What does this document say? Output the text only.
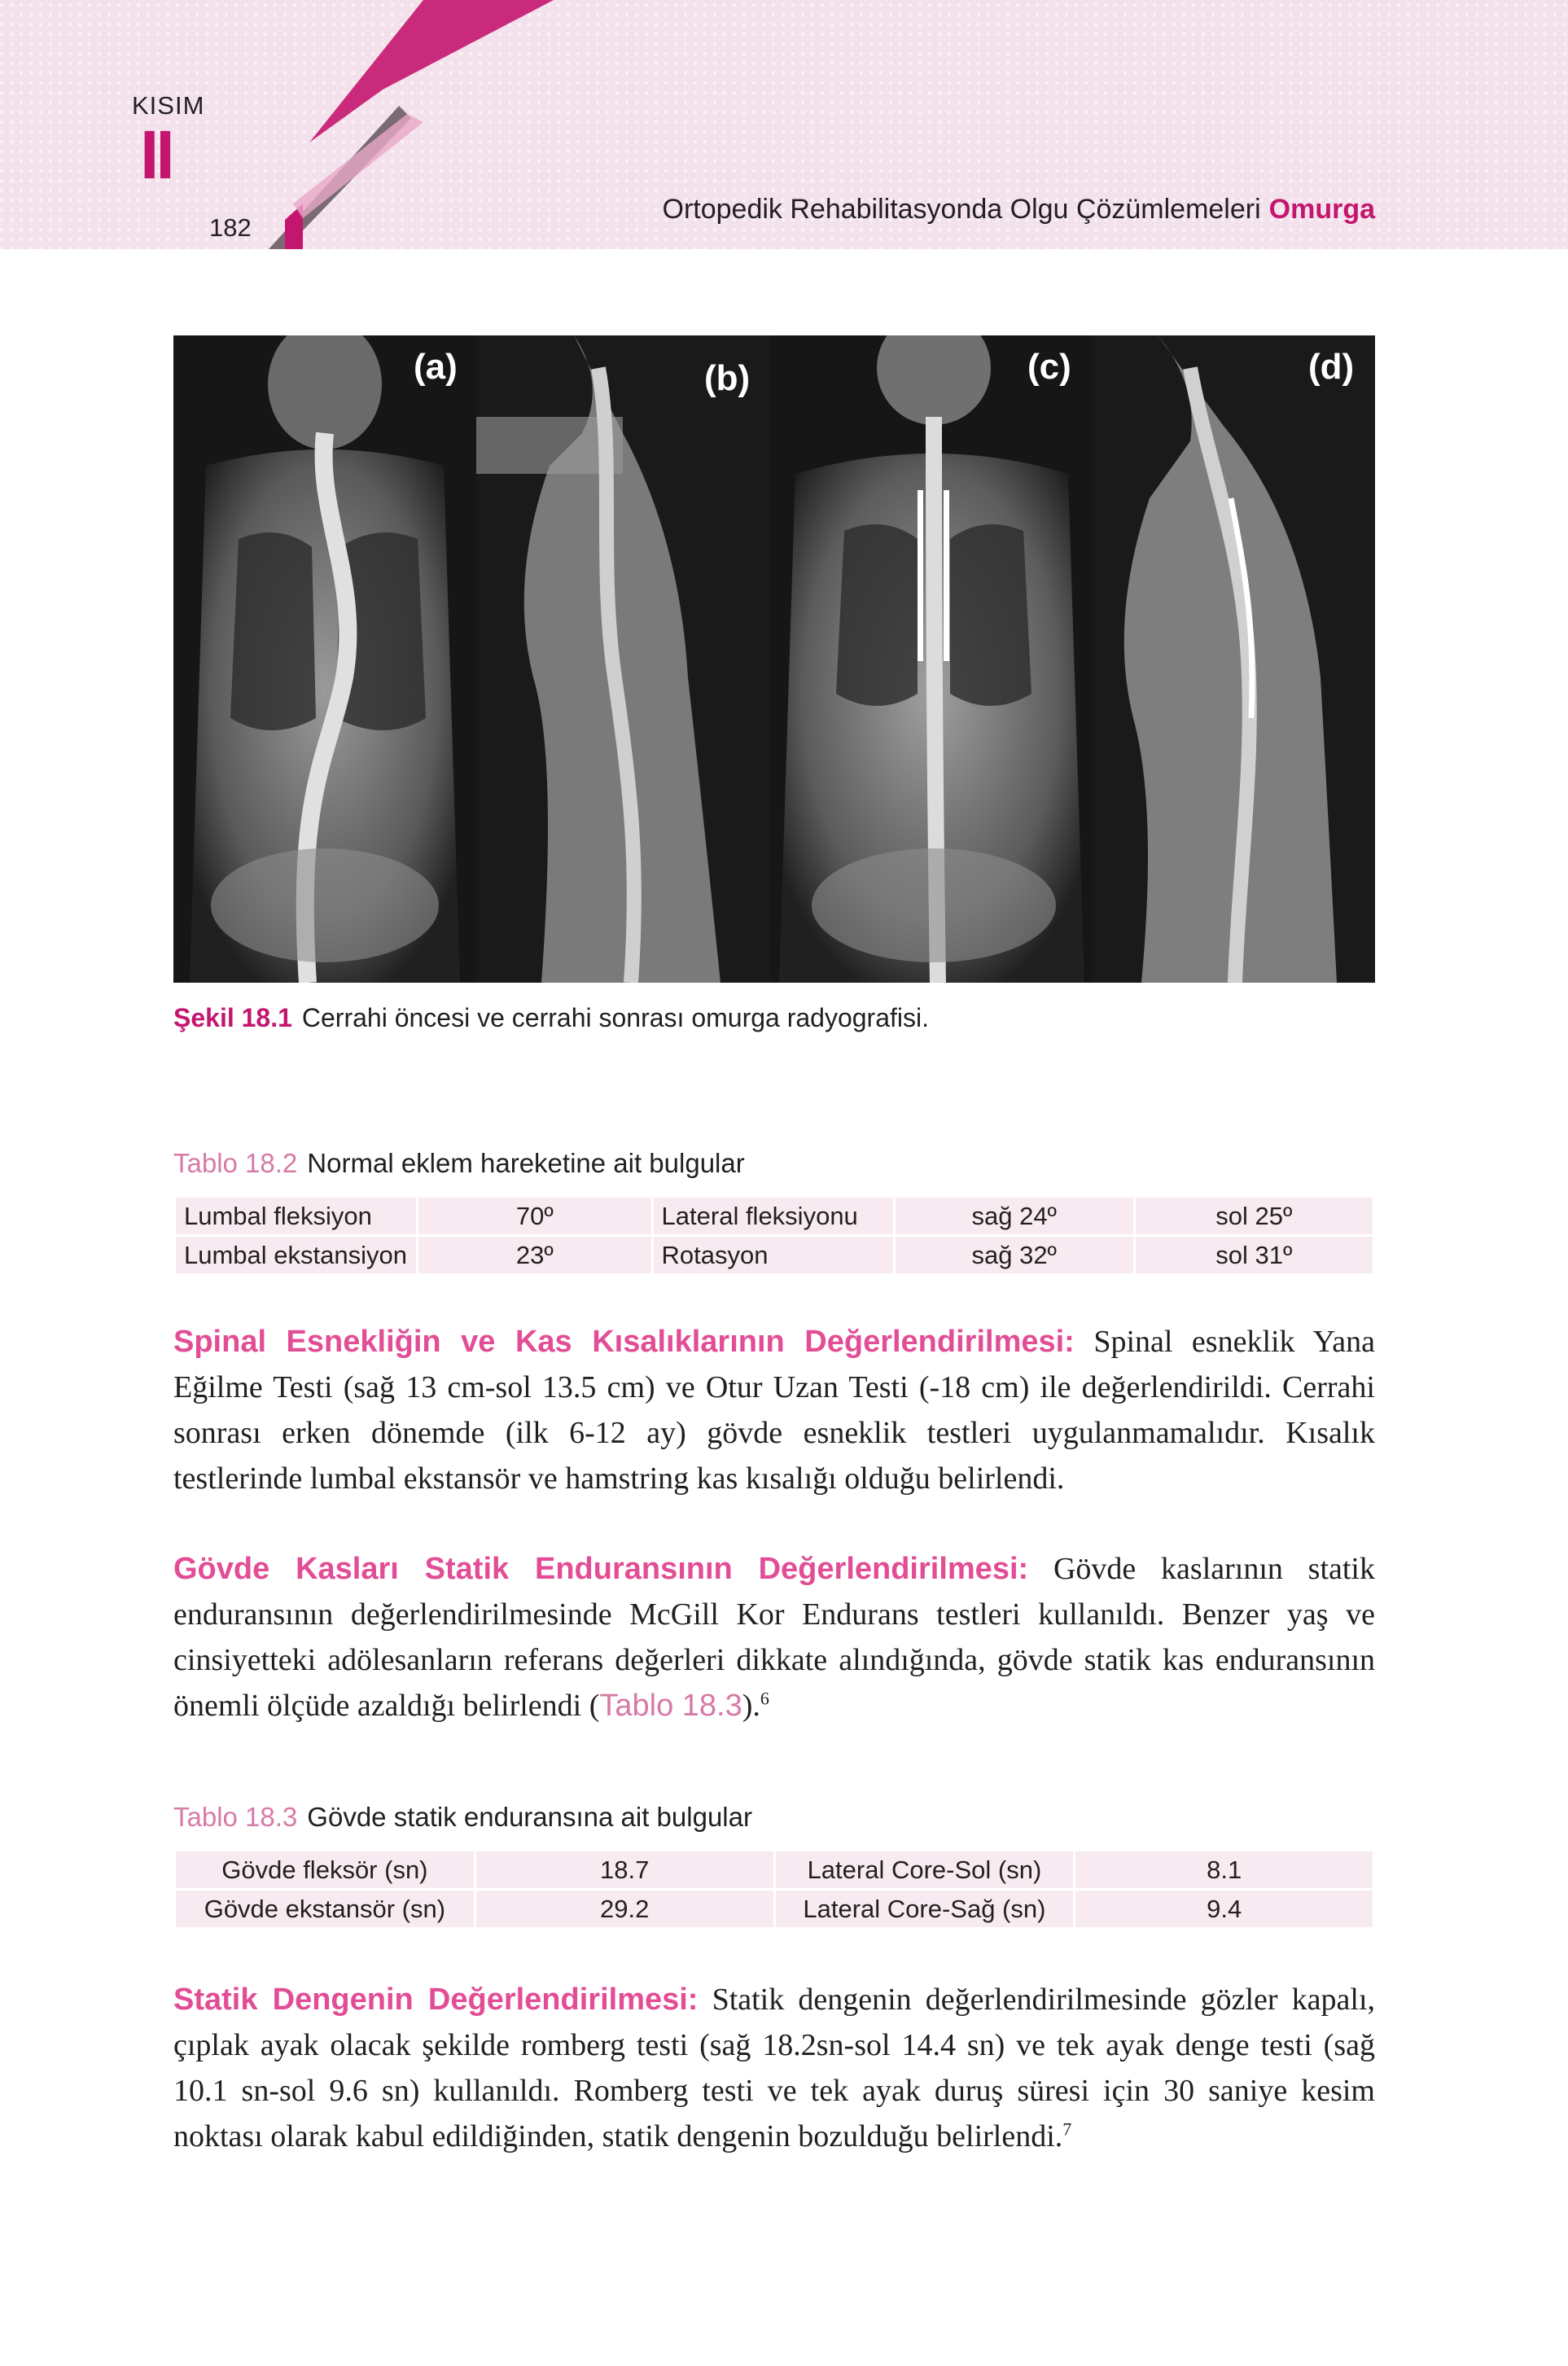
KISIM
II
182
Ortopedik Rehabilitasyonda Olgu Çözümlemeleri Omurga
(a)	(b)	(c)	(d)
Şekil 18.1 Cerrahi öncesi ve cerrahi sonrası omurga radyografisi.
Tablo 18.2 Normal eklem hareketine ait bulgular
Lumbal fleksiyon	70º	Lateral fleksiyonu	sağ 24º	sol 25º
Lumbal ekstansiyon	23º	Rotasyon	sağ 32º	sol 31º

Spinal Esnekliğin ve Kas Kısalıklarının Değerlendirilmesi: Spinal esneklik Yana Eğilme Testi (sağ 13 cm-sol 13.5 cm) ve Otur Uzan Testi (-18 cm) ile değerlendirildi. Cerrahi sonrası erken dönemde (ilk 6-12 ay) gövde esneklik testleri uygulanmamalıdır. Kısalık testlerinde lumbal ekstansör ve hamstring kas kısalığı olduğu belirlendi.

Gövde Kasları Statik Enduransının Değerlendirilmesi: Gövde kaslarının statik enduransının değerlendirilmesinde McGill Kor Endurans testleri kullanıldı. Benzer yaş ve cinsiyetteki adölesanların referans değerleri dikkate alındığında, gövde statik kas enduransının önemli ölçüde azaldığı belirlendi (Tablo 18.3).$^6$

Tablo 18.3 Gövde statik enduransına ait bulgular
Gövde fleksör (sn)	18.7	Lateral Core-Sol (sn)	8.1
Gövde ekstansör (sn)	29.2	Lateral Core-Sağ (sn)	9.4

Statik Dengenin Değerlendirilmesi: Statik dengenin değerlendirilmesinde gözler kapalı, çıplak ayak olacak şekilde romberg testi (sağ 18.2sn-sol 14.4 sn) ve tek ayak denge testi (sağ 10.1 sn-sol 9.6 sn) kullanıldı. Romberg testi ve tek ayak duruş süresi için 30 saniye kesim noktası olarak kabul edildiğinden, statik dengenin bozulduğu belirlendi.$^7$
